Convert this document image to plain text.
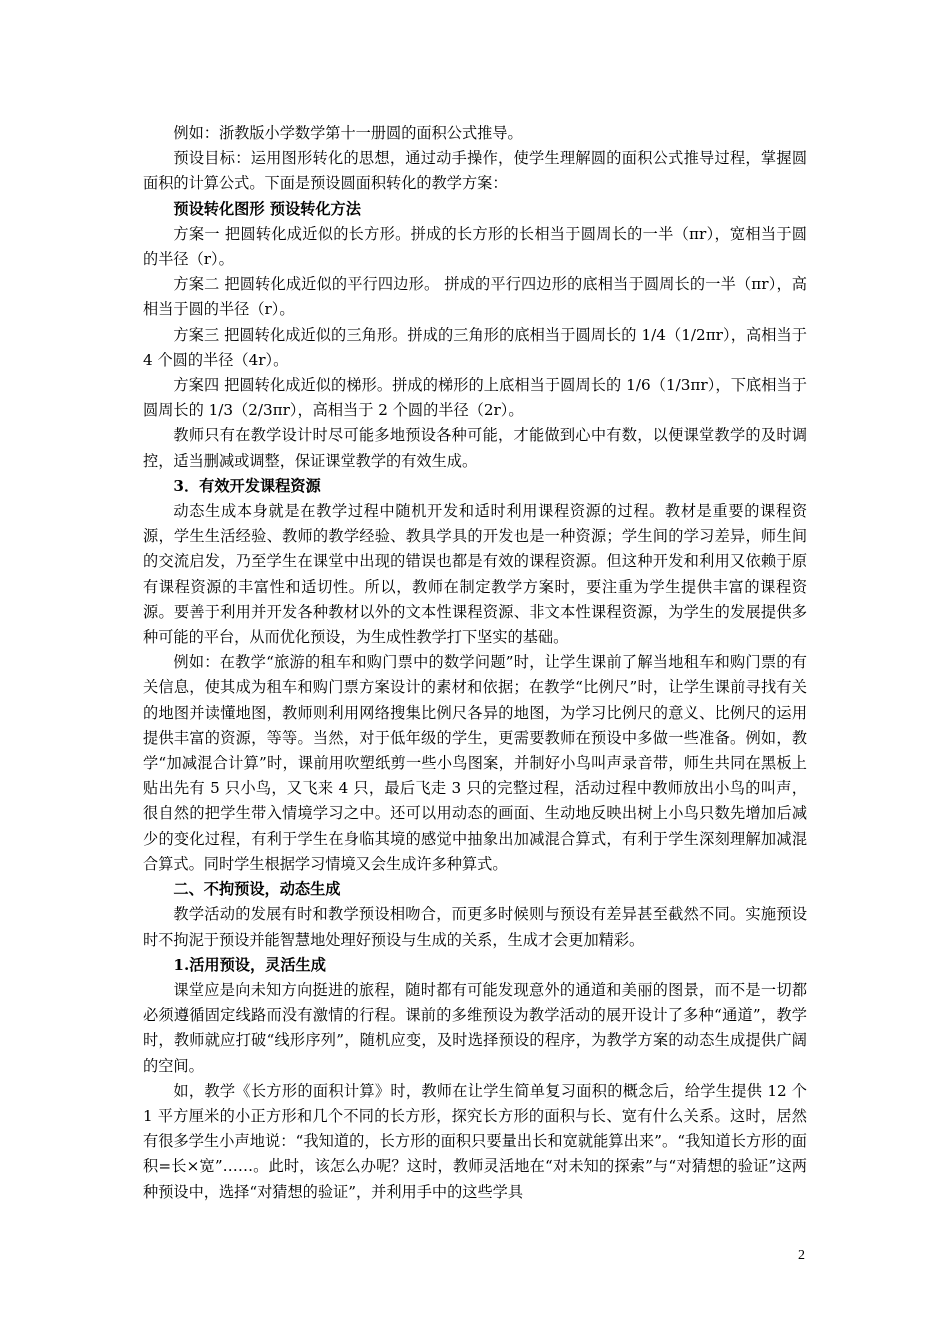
例如：浙教版小学数学第十一册圆的面积公式推导。

预设目标：运用图形转化的思想，通过动手操作，使学生理解圆的面积公式推导过程，掌握圆面积的计算公式。下面是预设圆面积转化的教学方案：

预设转化图形 预设转化方法

方案一 把圆转化成近似的长方形。拼成的长方形的长相当于圆周长的一半（πr），宽相当于圆的半径（r）。

方案二 把圆转化成近似的平行四边形。 拼成的平行四边形的底相当于圆周长的一半（πr），高相当于圆的半径（r）。

方案三 把圆转化成近似的三角形。拼成的三角形的底相当于圆周长的 1/4（1/2πr），高相当于 4 个圆的半径（4r）。

方案四 把圆转化成近似的梯形。拼成的梯形的上底相当于圆周长的 1/6（1/3πr），下底相当于圆周长的 1/3（2/3πr），高相当于 2 个圆的半径（2r）。

教师只有在教学设计时尽可能多地预设各种可能，才能做到心中有数，以便课堂教学的及时调控，适当删减或调整，保证课堂教学的有效生成。

3．有效开发课程资源

动态生成本身就是在教学过程中随机开发和适时利用课程资源的过程。教材是重要的课程资源，学生生活经验、教师的教学经验、教具学具的开发也是一种资源；学生间的学习差异，师生间的交流启发，乃至学生在课堂中出现的错误也都是有效的课程资源。但这种开发和利用又依赖于原有课程资源的丰富性和适切性。所以，教师在制定教学方案时，要注重为学生提供丰富的课程资源。要善于利用并开发各种教材以外的文本性课程资源、非文本性课程资源，为学生的发展提供多种可能的平台，从而优化预设，为生成性教学打下坚实的基础。

例如：在教学“旅游的租车和购门票中的数学问题”时，让学生课前了解当地租车和购门票的有关信息，使其成为租车和购门票方案设计的素材和依据；在教学“比例尺”时，让学生课前寻找有关的地图并读懂地图，教师则利用网络搜集比例尺各异的地图，为学习比例尺的意义、比例尺的运用提供丰富的资源，等等。当然，对于低年级的学生，更需要教师在预设中多做一些准备。例如，教学“加减混合计算”时，课前用吹塑纸剪一些小鸟图案，并制好小鸟叫声录音带，师生共同在黑板上贴出先有 5 只小鸟，又飞来 4 只，最后飞走 3 只的完整过程，活动过程中教师放出小鸟的叫声，很自然的把学生带入情境学习之中。还可以用动态的画面、生动地反映出树上小鸟只数先增加后减少的变化过程，有利于学生在身临其境的感觉中抽象出加减混合算式，有利于学生深刻理解加减混合算式。同时学生根据学习情境又会生成许多种算式。

二、不拘预设，动态生成

教学活动的发展有时和教学预设相吻合，而更多时候则与预设有差异甚至截然不同。实施预设时不拘泥于预设并能智慧地处理好预设与生成的关系，生成才会更加精彩。

1.活用预设，灵活生成

课堂应是向未知方向挺进的旅程，随时都有可能发现意外的通道和美丽的图景，而不是一切都必须遵循固定线路而没有激情的行程。课前的多维预设为教学活动的展开设计了多种“通道”，教学时，教师就应打破“线形序列”，随机应变，及时选择预设的程序，为教学方案的动态生成提供广阔的空间。

如，教学《长方形的面积计算》时，教师在让学生简单复习面积的概念后，给学生提供 12 个 1 平方厘米的小正方形和几个不同的长方形，探究长方形的面积与长、宽有什么关系。这时，居然有很多学生小声地说：“我知道的，长方形的面积只要量出长和宽就能算出来”。“我知道长方形的面积=长×宽”……。此时，该怎么办呢？这时，教师灵活地在“对未知的探索”与“对猜想的验证”这两种预设中，选择“对猜想的验证”，并利用手中的这些学具

2
